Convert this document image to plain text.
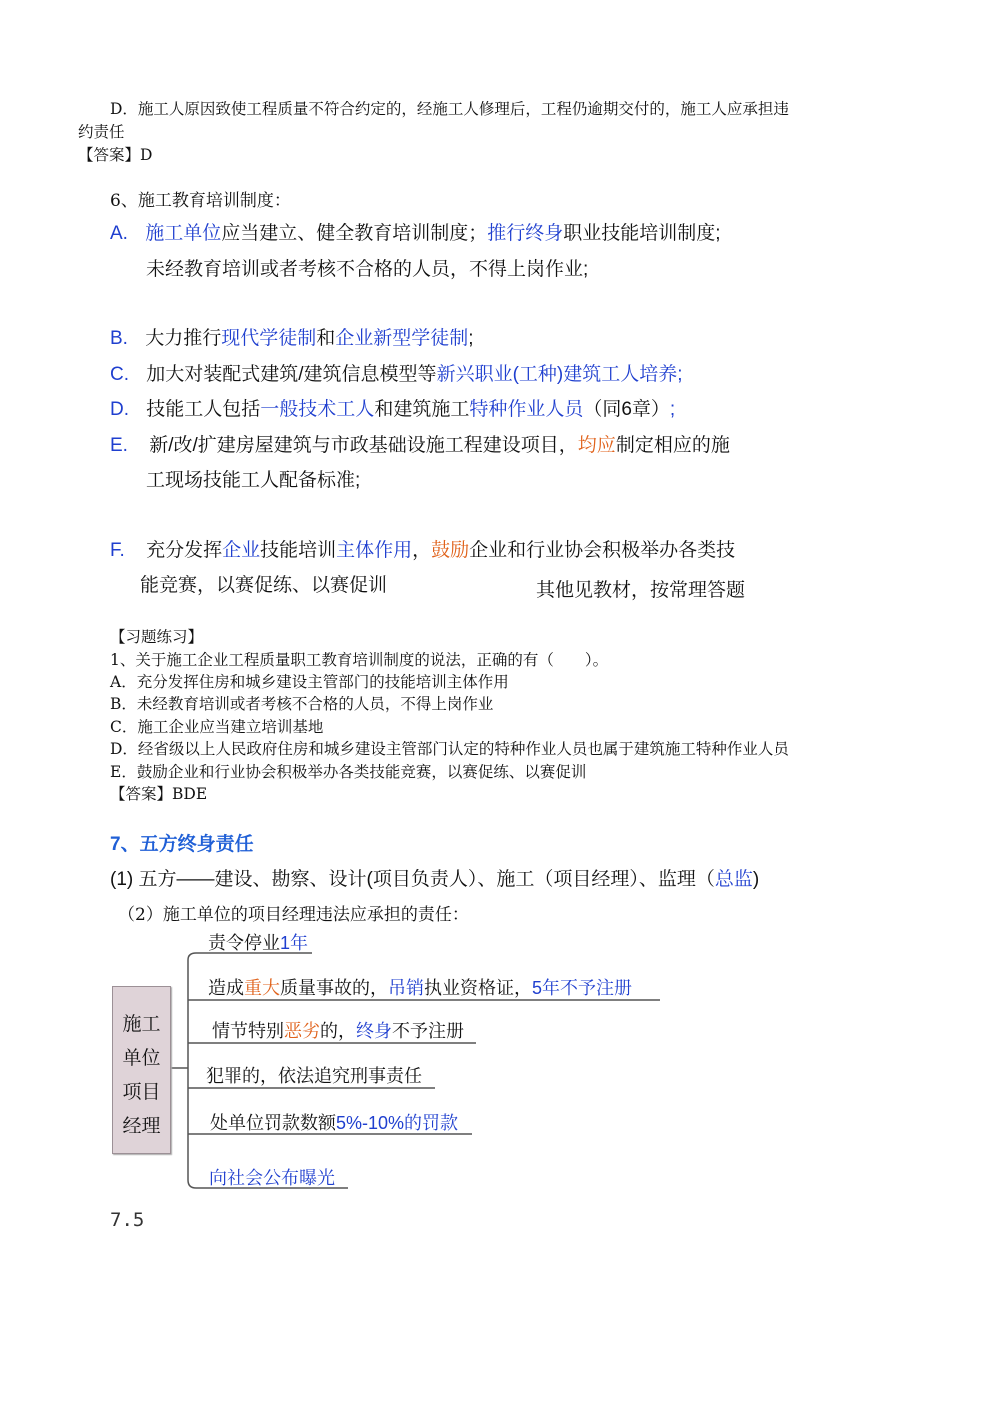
D．施工人原因致使工程质量不符合约定的，经施工人修理后，工程仍逾期交付的，施工人应承担违
约责任
【答案】D
6、施工教育培训制度：
A. 施工单位应当建立、健全教育培训制度；推行终身职业技能培训制度;
未经教育培训或者考核不合格的人员，不得上岗作业;
B. 大力推行现代学徒制和企业新型学徒制;
C. 加大对装配式建筑/建筑信息模型等新兴职业(工种)建筑工人培养;
D. 技能工人包括一般技术工人和建筑施工特种作业人员（同6章）;
E. 新/改/扩建房屋建筑与市政基础设施工程建设项目，均应制定相应的施
工现场技能工人配备标准;
F. 充分发挥企业技能培训主体作用，鼓励企业和行业协会积极举办各类技
能竞赛，以赛促练、以赛促训	其他见教材，按常理答题
【习题练习】
1、关于施工企业工程质量职工教育培训制度的说法，正确的有（　　）。
A．充分发挥住房和城乡建设主管部门的技能培训主体作用
B．未经教育培训或者考核不合格的人员，不得上岗作业
C．施工企业应当建立培训基地
D．经省级以上人民政府住房和城乡建设主管部门认定的特种作业人员也属于建筑施工特种作业人员
E．鼓励企业和行业协会积极举办各类技能竞赛，以赛促练、以赛促训
【答案】BDE
7、五方终身责任
(1) 五方——建设、勘察、设计(项目负责人）、施工（项目经理）、监理（总监)
（2）施工单位的项目经理违法应承担的责任：
施工
单位
项目
经理
责令停业1年
造成重大质量事故的，吊销执业资格证，5年不予注册
情节特别恶劣的，终身不予注册
犯罪的，依法追究刑事责任
处单位罚款数额5%-10%的罚款
向社会公布曝光
7.5
